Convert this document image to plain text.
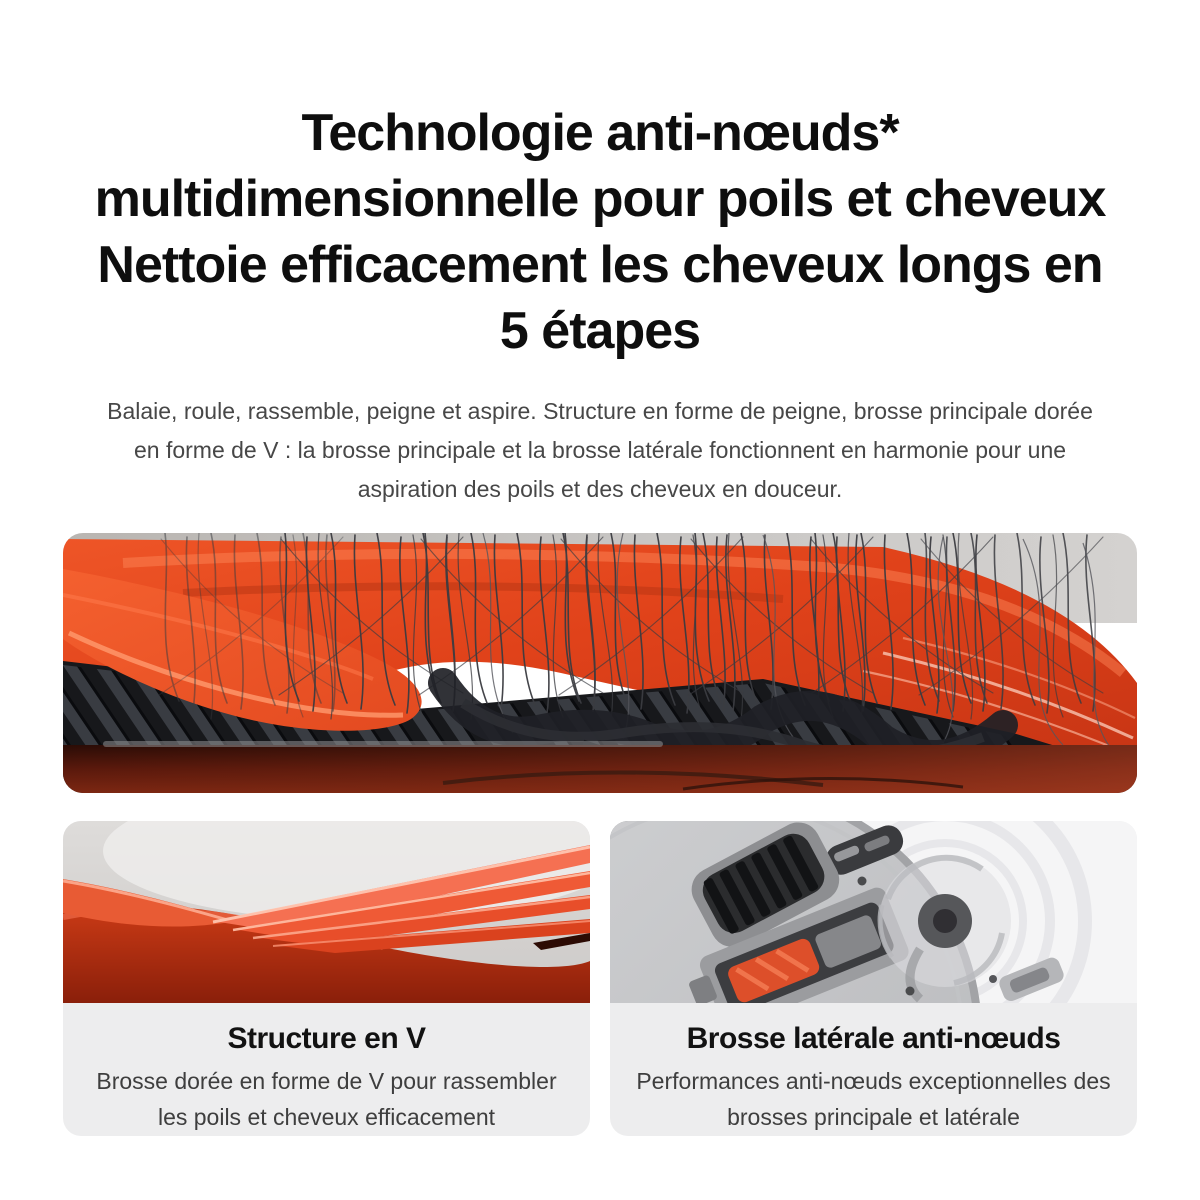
Technologie anti-nœuds*
multidimensionnelle pour poils et cheveux
Nettoie efficacement les cheveux longs en
5 étapes
Balaie, roule, rassemble, peigne et aspire. Structure en forme de peigne, brosse principale dorée
en forme de V : la brosse principale et la brosse latérale fonctionnent en harmonie pour une
aspiration des poils et des cheveux en douceur.
Structure en V

Brosse dorée en forme de V pour rassembler les poils et cheveux efficacement

Brosse latérale anti-nœuds

Performances anti-nœuds exceptionnelles des brosses principale et latérale
